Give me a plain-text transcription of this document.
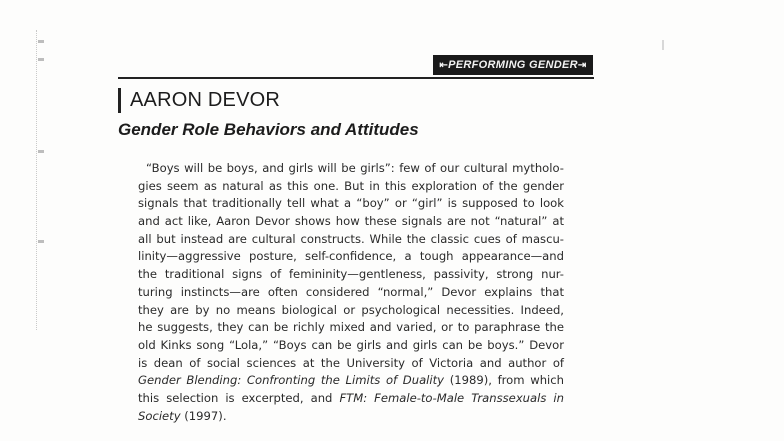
⇤PERFORMING GENDER⇥
AARON DEVOR
Gender Role Behaviors and Attitudes
“Boys will be boys, and girls will be girls”: few of our cultural mytholo-
gies seem as natural as this one. But in this exploration of the gender
signals that traditionally tell what a “boy” or “girl” is supposed to look
and act like, Aaron Devor shows how these signals are not “natural” at
all but instead are cultural constructs. While the classic cues of mascu-
linity—aggressive posture, self-confidence, a tough appearance—and
the traditional signs of femininity—gentleness, passivity, strong nur-
turing instincts—are often considered “normal,” Devor explains that
they are by no means biological or psychological necessities. Indeed,
he suggests, they can be richly mixed and varied, or to paraphrase the
old Kinks song “Lola,” “Boys can be girls and girls can be boys.” Devor
is dean of social sciences at the University of Victoria and author of
Gender Blending: Confronting the Limits of Duality (1989), from which
this selection is excerpted, and FTM: Female-to-Male Transsexuals in
Society (1997).
